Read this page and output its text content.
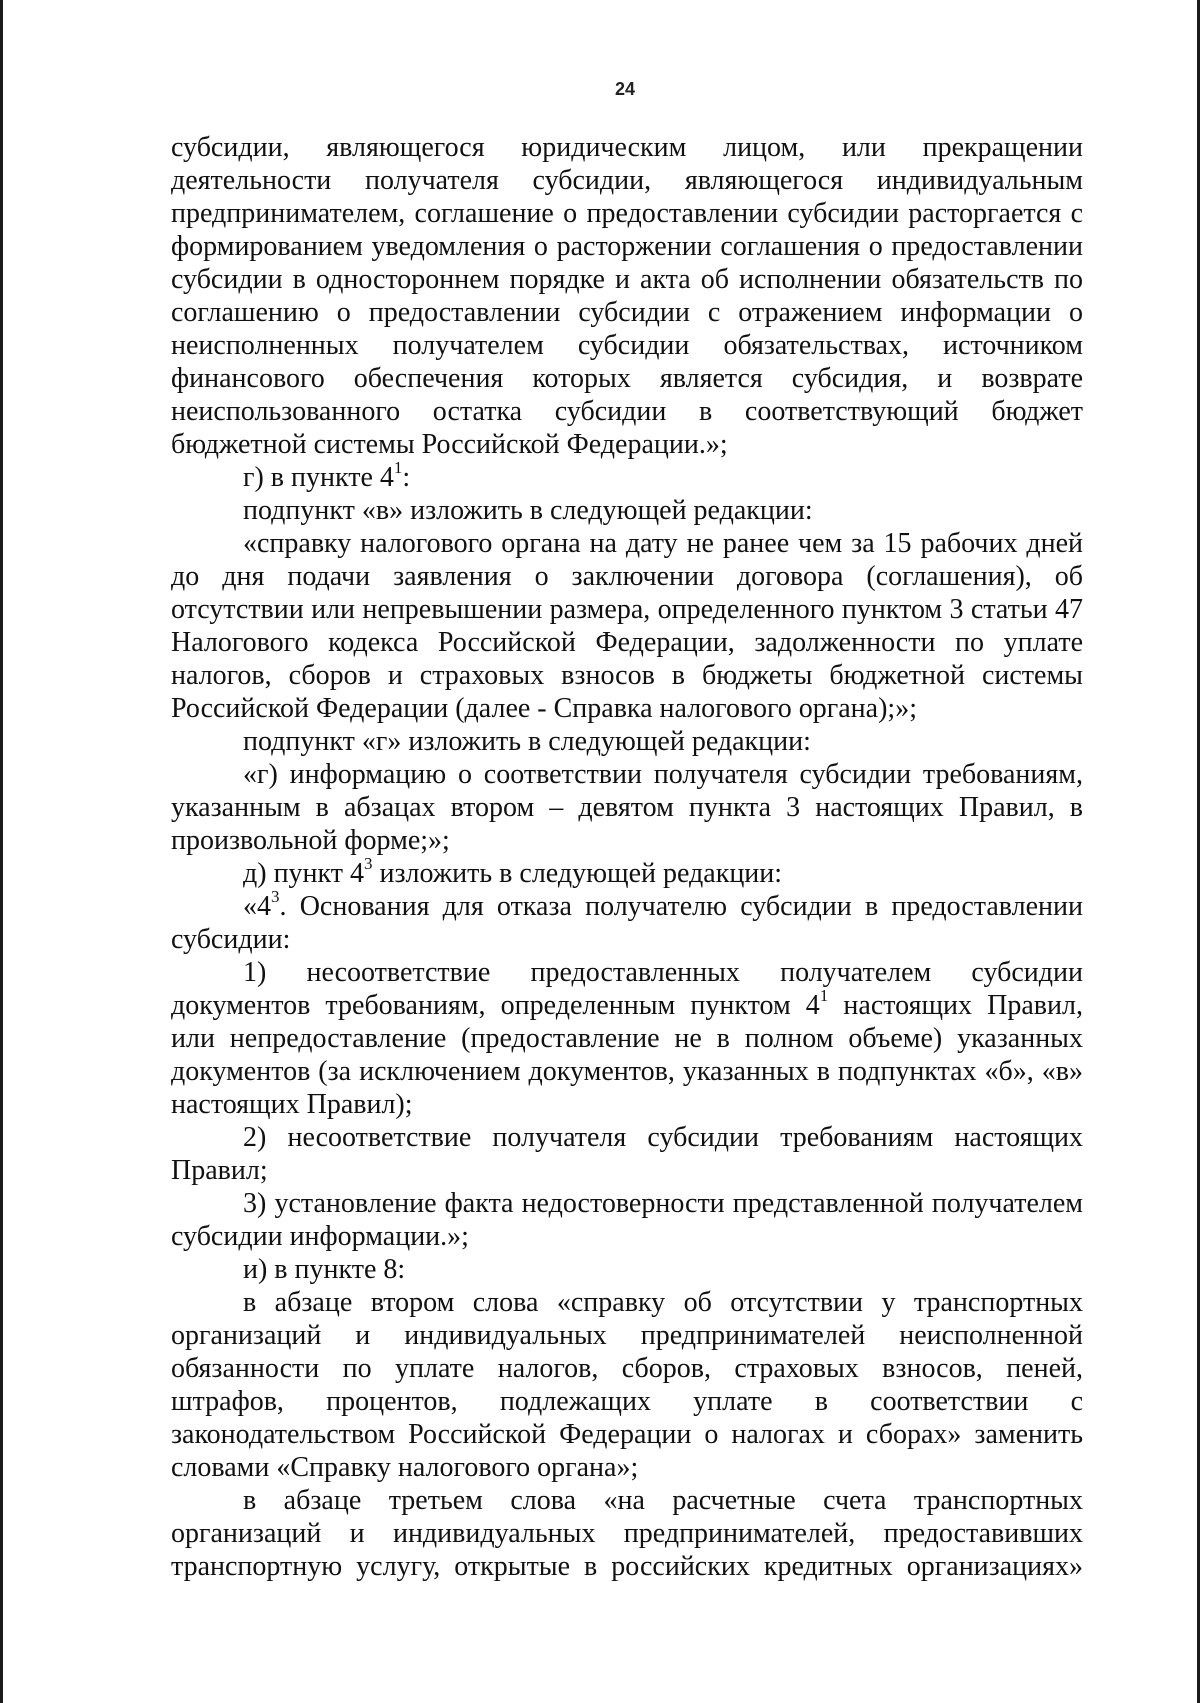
24

субсидии, являющегося юридическим лицом, или прекращении деятельности получателя субсидии, являющегося индивидуальным предпринимателем, соглашение о предоставлении субсидии расторгается с формированием уведомления о расторжении соглашения о предоставлении субсидии в одностороннем порядке и акта об исполнении обязательств по соглашению о предоставлении субсидии с отражением информации о неисполненных получателем субсидии обязательствах, источником финансового обеспечения которых является субсидия, и возврате неиспользованного остатка субсидии в соответствующий бюджет бюджетной системы Российской Федерации.»;

г) в пункте $4^1$:

подпункт «в» изложить в следующей редакции:

«справку налогового органа на дату не ранее чем за 15 рабочих дней до дня подачи заявления о заключении договора (соглашения), об отсутствии или непревышении размера, определенного пунктом 3 статьи 47 Налогового кодекса Российской Федерации, задолженности по уплате налогов, сборов и страховых взносов в бюджеты бюджетной системы Российской Федерации (далее - Справка налогового органа);»;

подпункт «г» изложить в следующей редакции:

«г) информацию о соответствии получателя субсидии требованиям, указанным в абзацах втором – девятом пункта 3 настоящих Правил, в произвольной форме;»;

д) пункт $4^3$ изложить в следующей редакции:

«$4^3$. Основания для отказа получателю субсидии в предоставлении субсидии:

1) несоответствие предоставленных получателем субсидии документов требованиям, определенным пунктом $4^1$ настоящих Правил, или непредоставление (предоставление не в полном объеме) указанных документов (за исключением документов, указанных в подпунктах «б», «в» настоящих Правил);

2) несоответствие получателя субсидии требованиям настоящих Правил;

3) установление факта недостоверности представленной получателем субсидии информации.»;

и) в пункте 8:

в абзаце втором слова «справку об отсутствии у транспортных организаций и индивидуальных предпринимателей неисполненной обязанности по уплате налогов, сборов, страховых взносов, пеней, штрафов, процентов, подлежащих уплате в соответствии с законодательством Российской Федерации о налогах и сборах» заменить словами «Справку налогового органа»;

в абзаце третьем слова «на расчетные счета транспортных организаций и индивидуальных предпринимателей, предоставивших транспортную услугу, открытые в российских кредитных организациях»
